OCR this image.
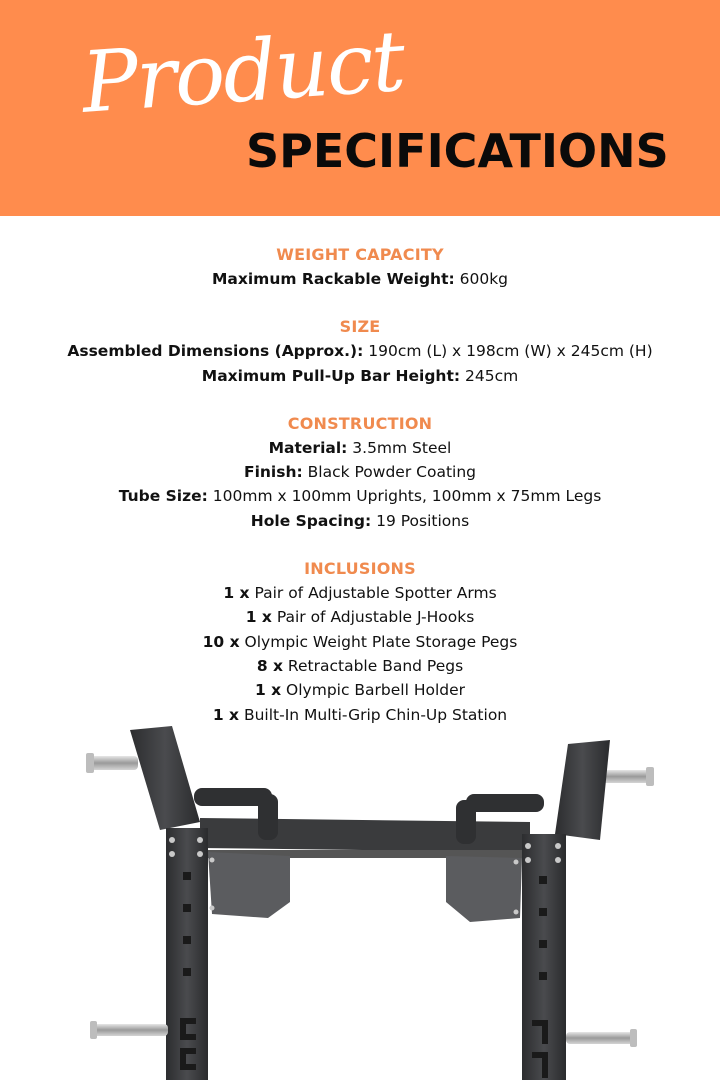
Product
SPECIFICATIONS
WEIGHT CAPACITY
Maximum Rackable Weight: 600kg
SIZE
Assembled Dimensions (Approx.): 190cm (L) x 198cm (W) x 245cm (H)
Maximum Pull-Up Bar Height: 245cm
CONSTRUCTION
Material: 3.5mm Steel
Finish: Black Powder Coating
Tube Size: 100mm x 100mm Uprights, 100mm x 75mm Legs
Hole Spacing: 19 Positions
INCLUSIONS
1 x Pair of Adjustable Spotter Arms
1 x Pair of Adjustable J-Hooks
10 x Olympic Weight Plate Storage Pegs
8 x Retractable Band Pegs
1 x Olympic Barbell Holder
1 x Built-In Multi-Grip Chin-Up Station
